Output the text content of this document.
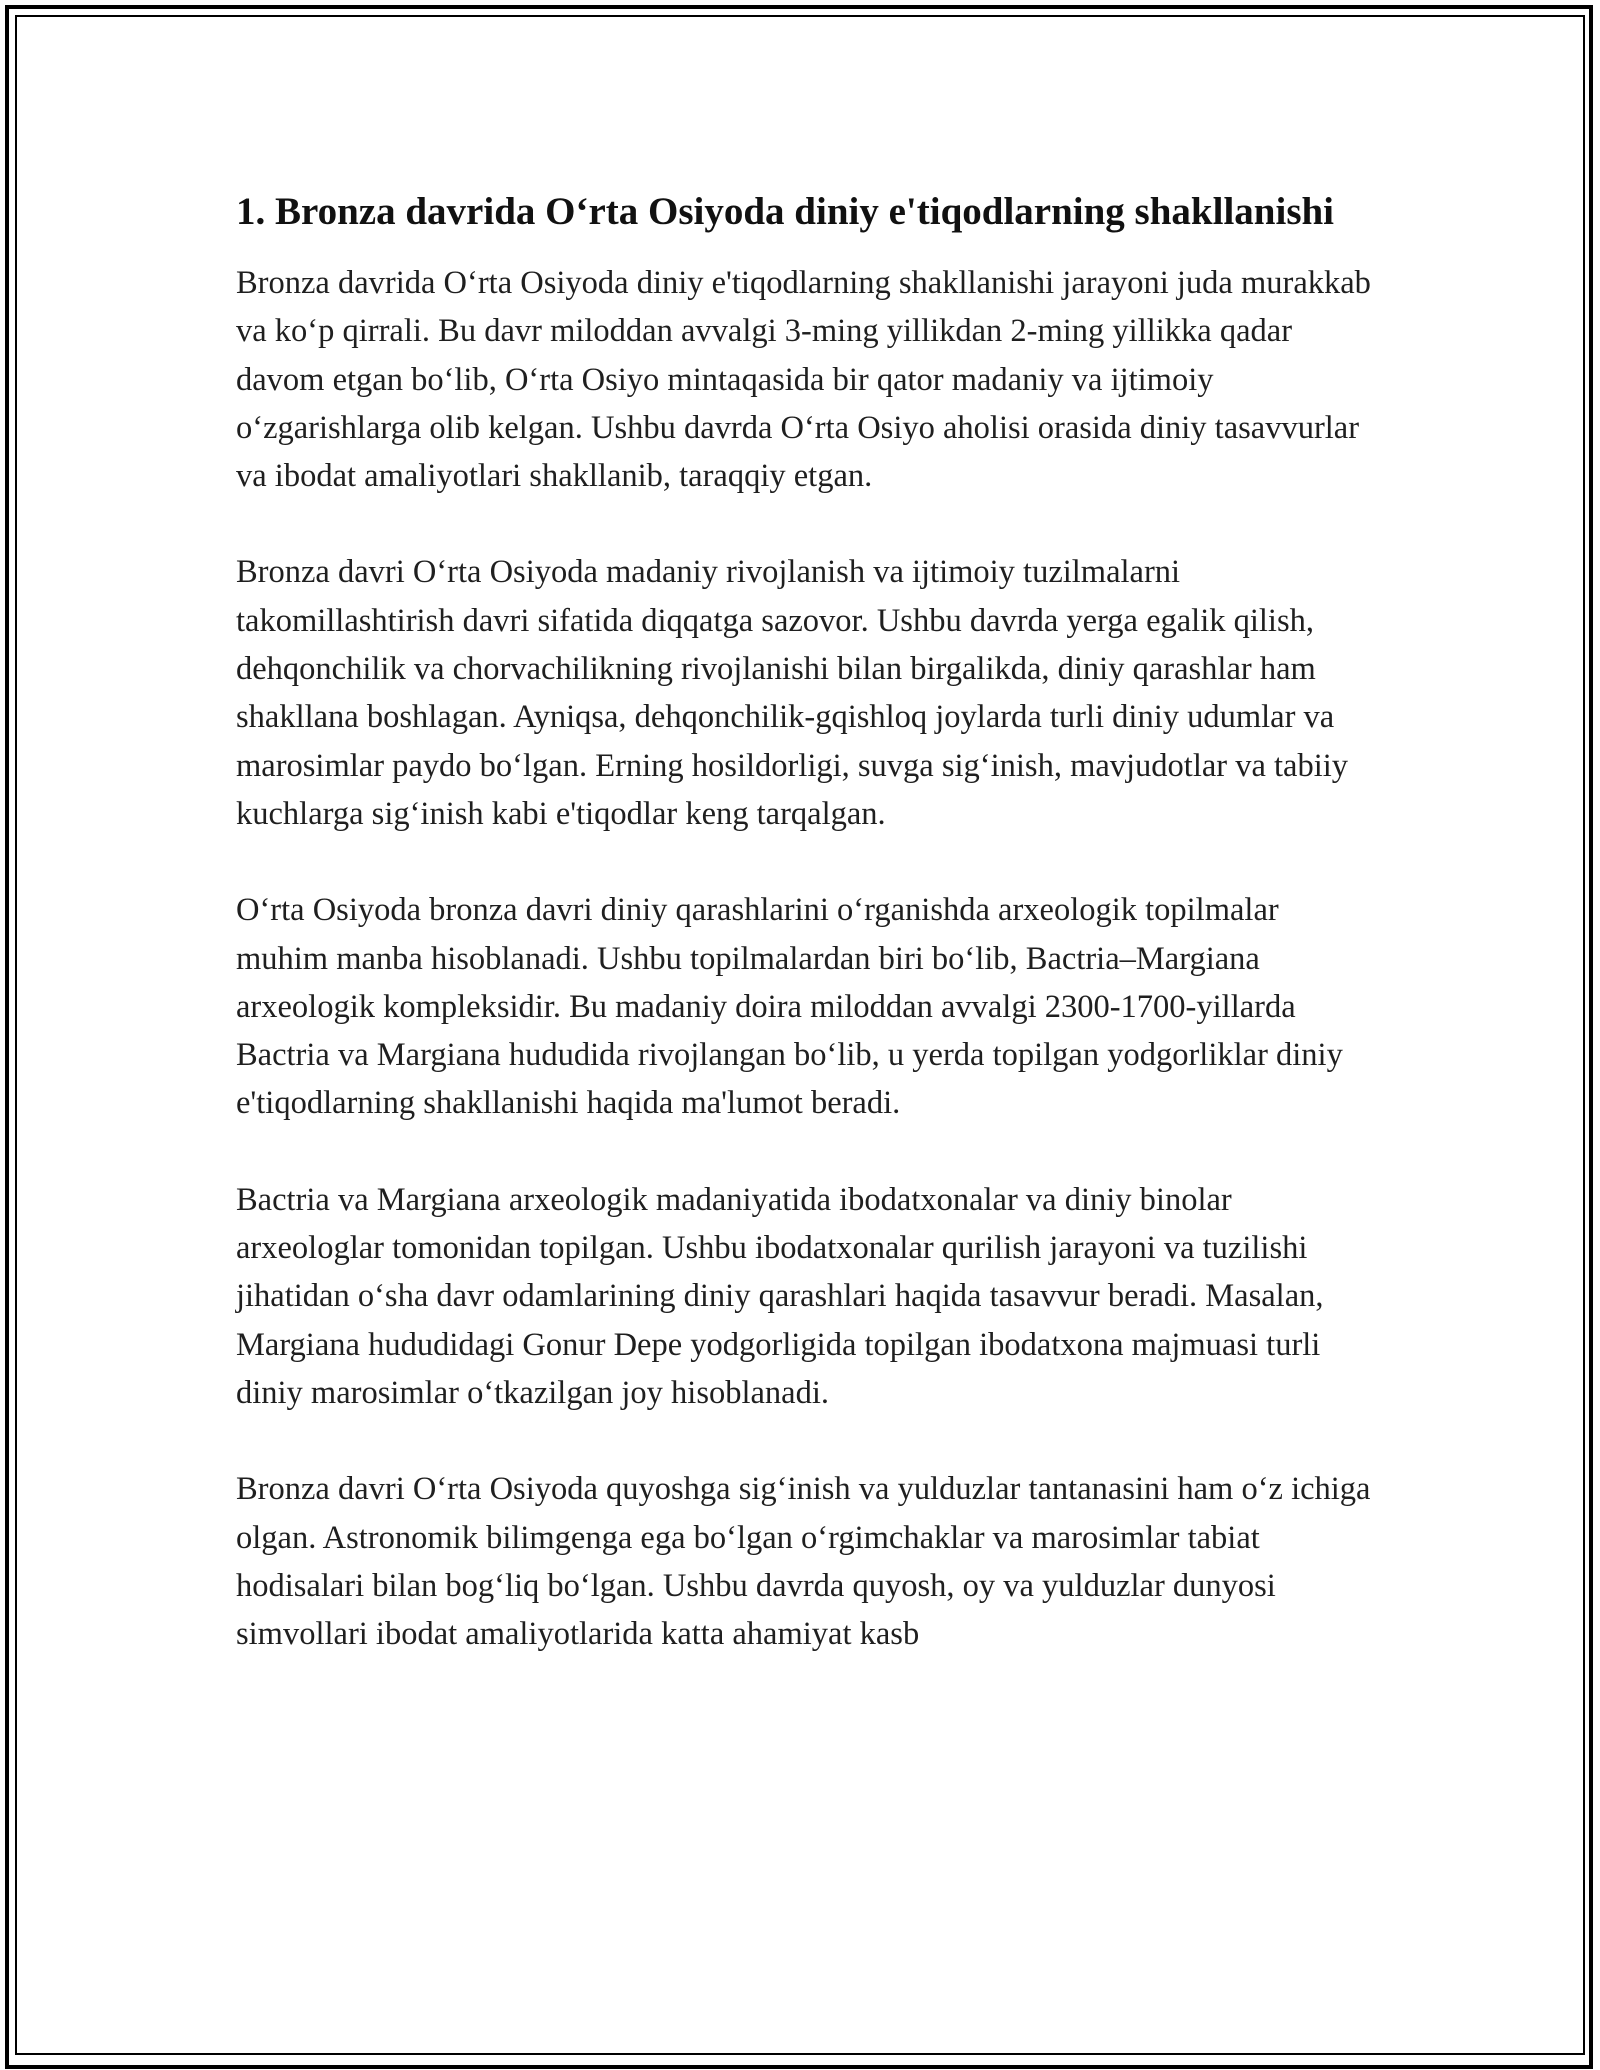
1. Bronza davrida O‘rta Osiyoda diniy e'tiqodlarning shakllanishi

Bronza davrida O‘rta Osiyoda diniy e'tiqodlarning shakllanishi jarayoni juda murakkab va ko‘p qirrali. Bu davr miloddan avvalgi 3-ming yillikdan 2-ming yillikka qadar davom etgan bo‘lib, O‘rta Osiyo mintaqasida bir qator madaniy va ijtimoiy o‘zgarishlarga olib kelgan. Ushbu davrda O‘rta Osiyo aholisi orasida diniy tasavvurlar va ibodat amaliyotlari shakllanib, taraqqiy etgan.

Bronza davri O‘rta Osiyoda madaniy rivojlanish va ijtimoiy tuzilmalarni takomillashtirish davri sifatida diqqatga sazovor. Ushbu davrda yerga egalik qilish, dehqonchilik va chorvachilikning rivojlanishi bilan birgalikda, diniy qarashlar ham shakllana boshlagan. Ayniqsa, dehqonchilik-gqishloq joylarda turli diniy udumlar va marosimlar paydo bo‘lgan. Erning hosildorligi, suvga sig‘inish, mavjudotlar va tabiiy kuchlarga sig‘inish kabi e'tiqodlar keng tarqalgan.

O‘rta Osiyoda bronza davri diniy qarashlarini o‘rganishda arxeologik topilmalar muhim manba hisoblanadi. Ushbu topilmalardan biri bo‘lib, Bactria–Margiana arxeologik kompleksidir. Bu madaniy doira miloddan avvalgi 2300-1700-yillarda Bactria va Margiana hududida rivojlangan bo‘lib, u yerda topilgan yodgorliklar diniy e'tiqodlarning shakllanishi haqida ma'lumot beradi.

Bactria va Margiana arxeologik madaniyatida ibodatxonalar va diniy binolar arxeologlar tomonidan topilgan. Ushbu ibodatxonalar qurilish jarayoni va tuzilishi jihatidan o‘sha davr odamlarining diniy qarashlari haqida tasavvur beradi. Masalan, Margiana hududidagi Gonur Depe yodgorligida topilgan ibodatxona majmuasi turli diniy marosimlar o‘tkazilgan joy hisoblanadi.

Bronza davri O‘rta Osiyoda quyoshga sig‘inish va yulduzlar tantanasini ham o‘z ichiga olgan. Astronomik bilimgenga ega bo‘lgan o‘rgimchaklar va marosimlar tabiat hodisalari bilan bog‘liq bo‘lgan. Ushbu davrda quyosh, oy va yulduzlar dunyosi simvollari ibodat amaliyotlarida katta ahamiyat kasb
